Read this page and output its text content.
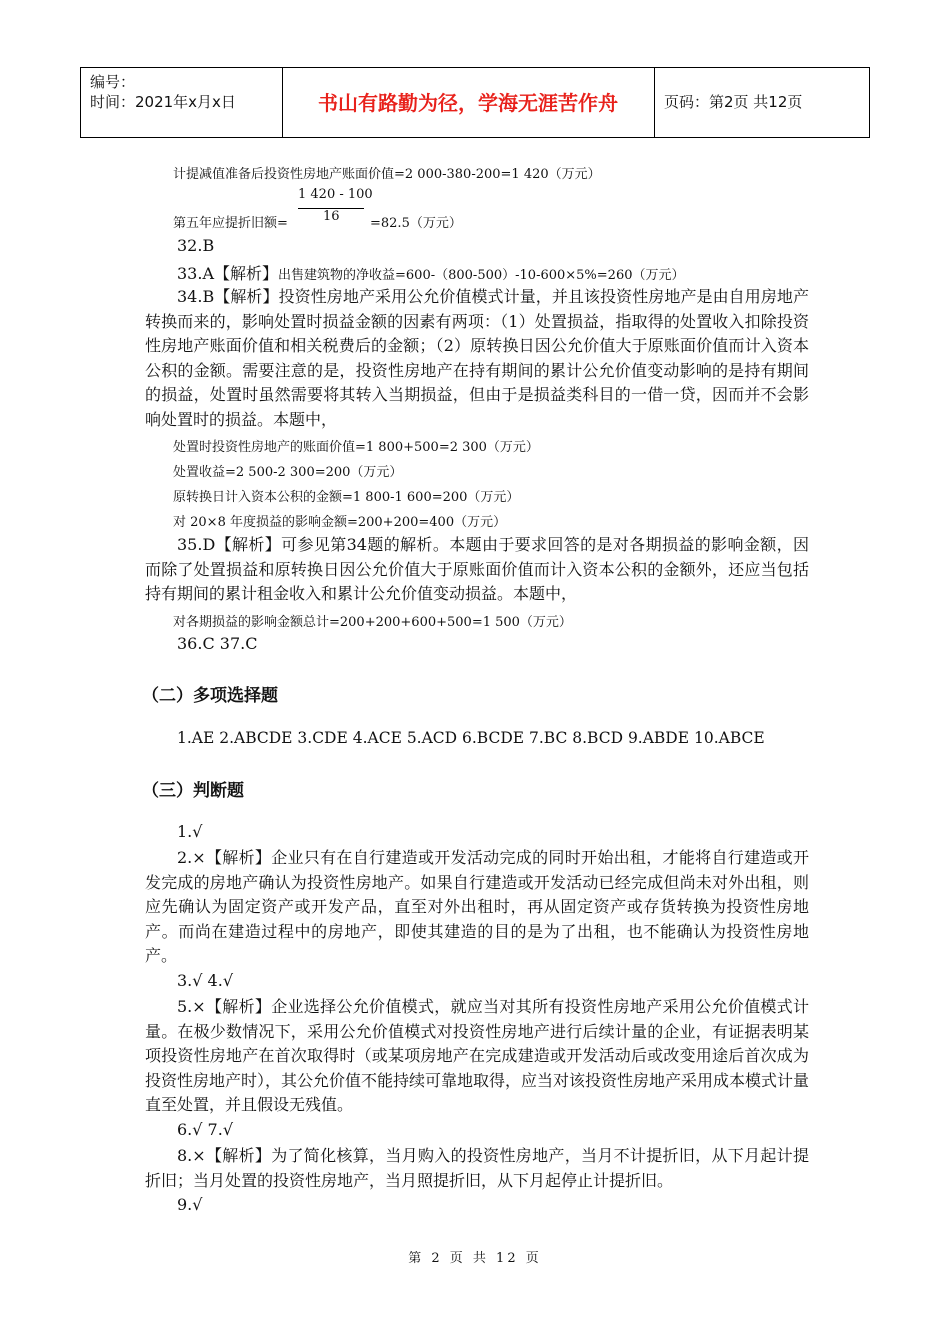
编号：
时间：2021年x月x日	书山有路勤为径，学海无涯苦作舟	页码：第2页 共12页
计提减值准备后投资性房地产账面价值=2 000-380-200=1 420（万元）
1 420 - 100
16
第五年应提折旧额=	=82.5（万元）
32.B
33.A【解析】出售建筑物的净收益=600-（800-500）-10-600×5%=260（万元）
34.B【解析】投资性房地产采用公允价值模式计量，并且该投资性房地产是由自用房地产转换而来的，影响处置时损益金额的因素有两项：（1）处置损益，指取得的处置收入扣除投资性房地产账面价值和相关税费后的金额；（2）原转换日因公允价值大于原账面价值而计入资本公积的金额。需要注意的是，投资性房地产在持有期间的累计公允价值变动影响的是持有期间的损益，处置时虽然需要将其转入当期损益，但由于是损益类科目的一借一贷，因而并不会影响处置时的损益。本题中，
处置时投资性房地产的账面价值=1 800+500=2 300（万元）
处置收益=2 500-2 300=200（万元）
原转换日计入资本公积的金额=1 800-1 600=200（万元）
对 20×8 年度损益的影响金额=200+200=400（万元）
35.D【解析】可参见第34题的解析。本题由于要求回答的是对各期损益的影响金额，因而除了处置损益和原转换日因公允价值大于原账面价值而计入资本公积的金额外，还应当包括持有期间的累计租金收入和累计公允价值变动损益。本题中，
对各期损益的影响金额总计=200+200+600+500=1 500（万元）
36.C 37.C
（二）多项选择题
1.AE 2.ABCDE 3.CDE 4.ACE 5.ACD 6.BCDE 7.BC 8.BCD 9.ABDE 10.ABCE
（三）判断题
1.√
2.×【解析】企业只有在自行建造或开发活动完成的同时开始出租，才能将自行建造或开发完成的房地产确认为投资性房地产。如果自行建造或开发活动已经完成但尚未对外出租，则应先确认为固定资产或开发产品，直至对外出租时，再从固定资产或存货转换为投资性房地产。而尚在建造过程中的房地产，即使其建造的目的是为了出租，也不能确认为投资性房地产。
3.√ 4.√
5.×【解析】企业选择公允价值模式，就应当对其所有投资性房地产采用公允价值模式计量。在极少数情况下，采用公允价值模式对投资性房地产进行后续计量的企业，有证据表明某项投资性房地产在首次取得时（或某项房地产在完成建造或开发活动后或改变用途后首次成为投资性房地产时），其公允价值不能持续可靠地取得，应当对该投资性房地产采用成本模式计量直至处置，并且假设无残值。
6.√ 7.√
8.×【解析】为了简化核算，当月购入的投资性房地产，当月不计提折旧，从下月起计提折旧；当月处置的投资性房地产，当月照提折旧，从下月起停止计提折旧。
9.√
第 2 页 共 12 页
